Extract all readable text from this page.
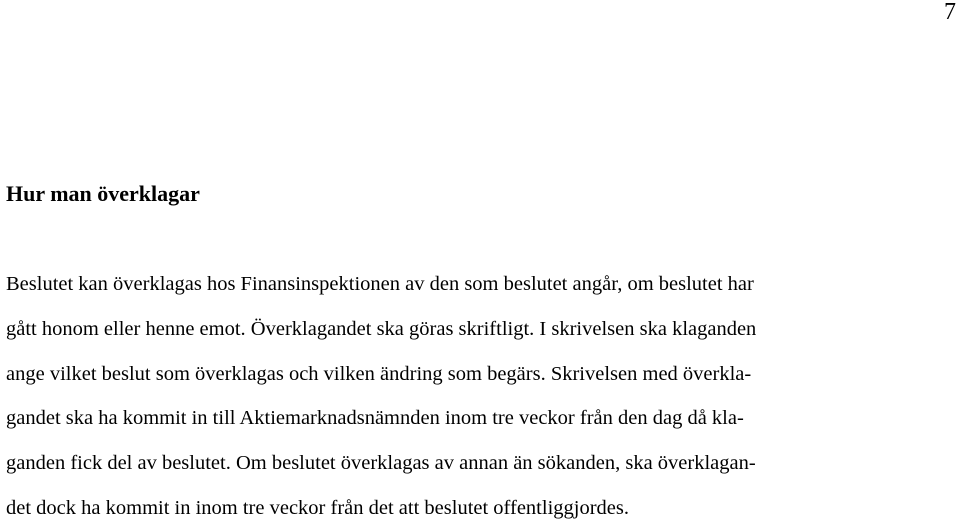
7
Hur man överklagar

Beslutet kan överklagas hos Finansinspektionen av den som beslutet angår, om beslutet har
gått honom eller henne emot. Överklagandet ska göras skriftligt. I skrivelsen ska klaganden
ange vilket beslut som överklagas och vilken ändring som begärs. Skrivelsen med överkla-
gandet ska ha kommit in till Aktiemarknadsnämnden inom tre veckor från den dag då kla-
ganden fick del av beslutet. Om beslutet överklagas av annan än sökanden, ska överklagan-
det dock ha kommit in inom tre veckor från det att beslutet offentliggjordes.
